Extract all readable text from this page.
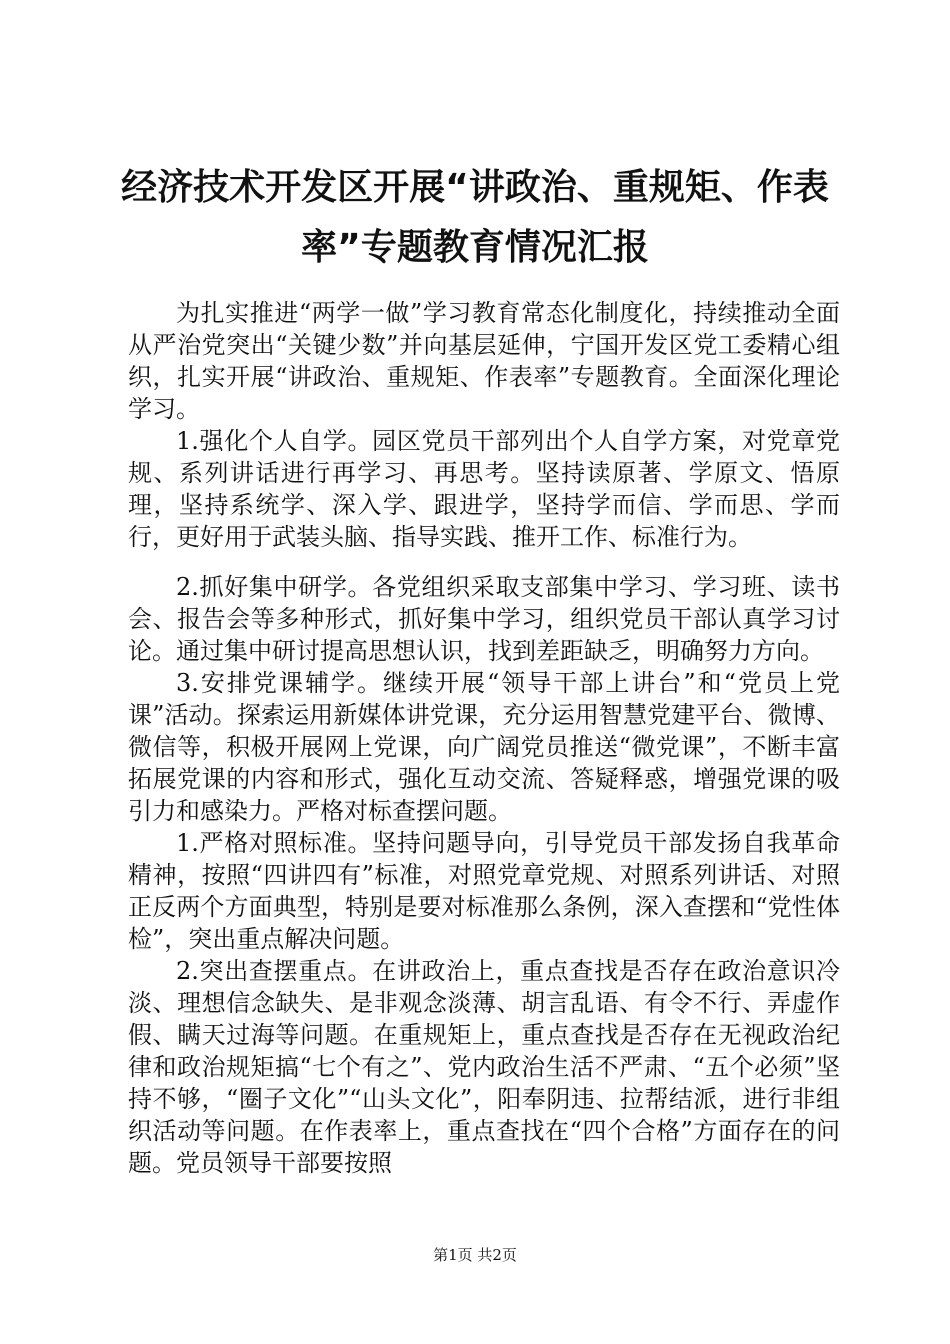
经济技术开发区开展“讲政治、重规矩、作表率”专题教育情况汇报

为扎实推进“两学一做”学习教育常态化制度化，持续推动全面从严治党突出“关键少数”并向基层延伸，宁国开发区党工委精心组织，扎实开展“讲政治、重规矩、作表率”专题教育。全面深化理论学习。

1.强化个人自学。园区党员干部列出个人自学方案，对党章党规、系列讲话进行再学习、再思考。坚持读原著、学原文、悟原理，坚持系统学、深入学、跟进学，坚持学而信、学而思、学而行，更好用于武装头脑、指导实践、推开工作、标准行为。

2.抓好集中研学。各党组织采取支部集中学习、学习班、读书会、报告会等多种形式，抓好集中学习，组织党员干部认真学习讨论。通过集中研讨提高思想认识，找到差距缺乏，明确努力方向。

3.安排党课辅学。继续开展“领导干部上讲台”和“党员上党课”活动。探索运用新媒体讲党课，充分运用智慧党建平台、微博、微信等，积极开展网上党课，向广阔党员推送“微党课”，不断丰富拓展党课的内容和形式，强化互动交流、答疑释惑，增强党课的吸引力和感染力。严格对标查摆问题。

1.严格对照标准。坚持问题导向，引导党员干部发扬自我革命精神，按照“四讲四有”标准，对照党章党规、对照系列讲话、对照正反两个方面典型，特别是要对标准那么条例，深入查摆和“党性体检”，突出重点解决问题。

2.突出查摆重点。在讲政治上，重点查找是否存在政治意识冷淡、理想信念缺失、是非观念淡薄、胡言乱语、有令不行、弄虚作假、瞒天过海等问题。在重规矩上，重点查找是否存在无视政治纪律和政治规矩搞“七个有之”、党内政治生活不严肃、“五个必须”坚持不够，“圈子文化”“山头文化”，阳奉阴违、拉帮结派，进行非组织活动等问题。在作表率上，重点查找在“四个合格”方面存在的问题。党员领导干部要按照

第1页 共2页
